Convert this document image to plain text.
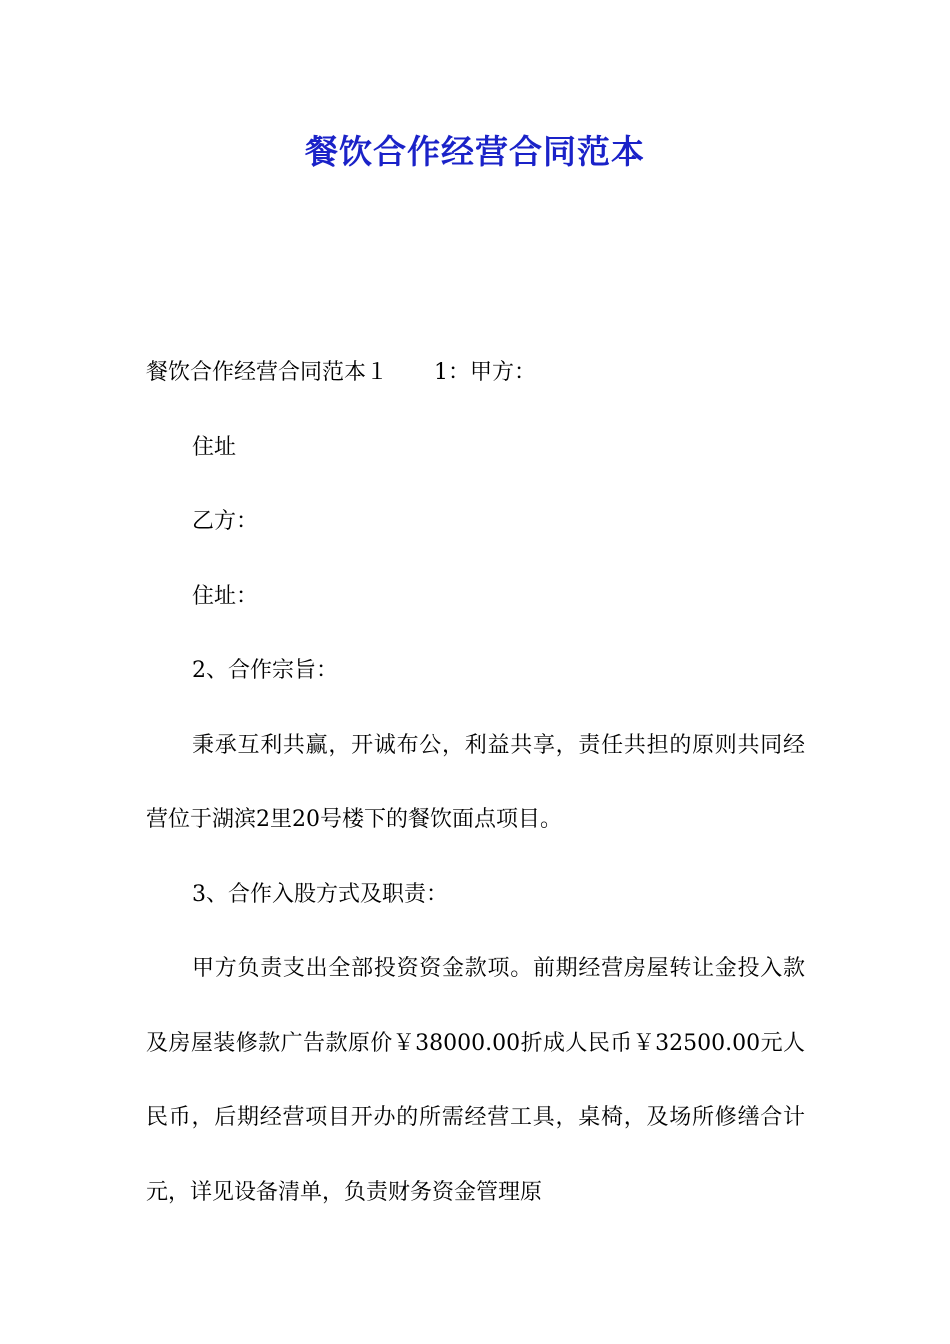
餐饮合作经营合同范本

餐饮合作经营合同范本１ 1：甲方：

住址

乙方：

住址：

2、合作宗旨：

秉承互利共赢，开诚布公，利益共享，责任共担的原则共同经营位于湖滨2里20号楼下的餐饮面点项目。

3、合作入股方式及职责：

甲方负责支出全部投资资金款项。前期经营房屋转让金投入款及房屋装修款广告款原价￥38000.00折成人民币￥32500.00元人民币，后期经营项目开办的所需经营工具，桌椅，及场所修缮合计元，详见设备清单，负责财务资金管理原
